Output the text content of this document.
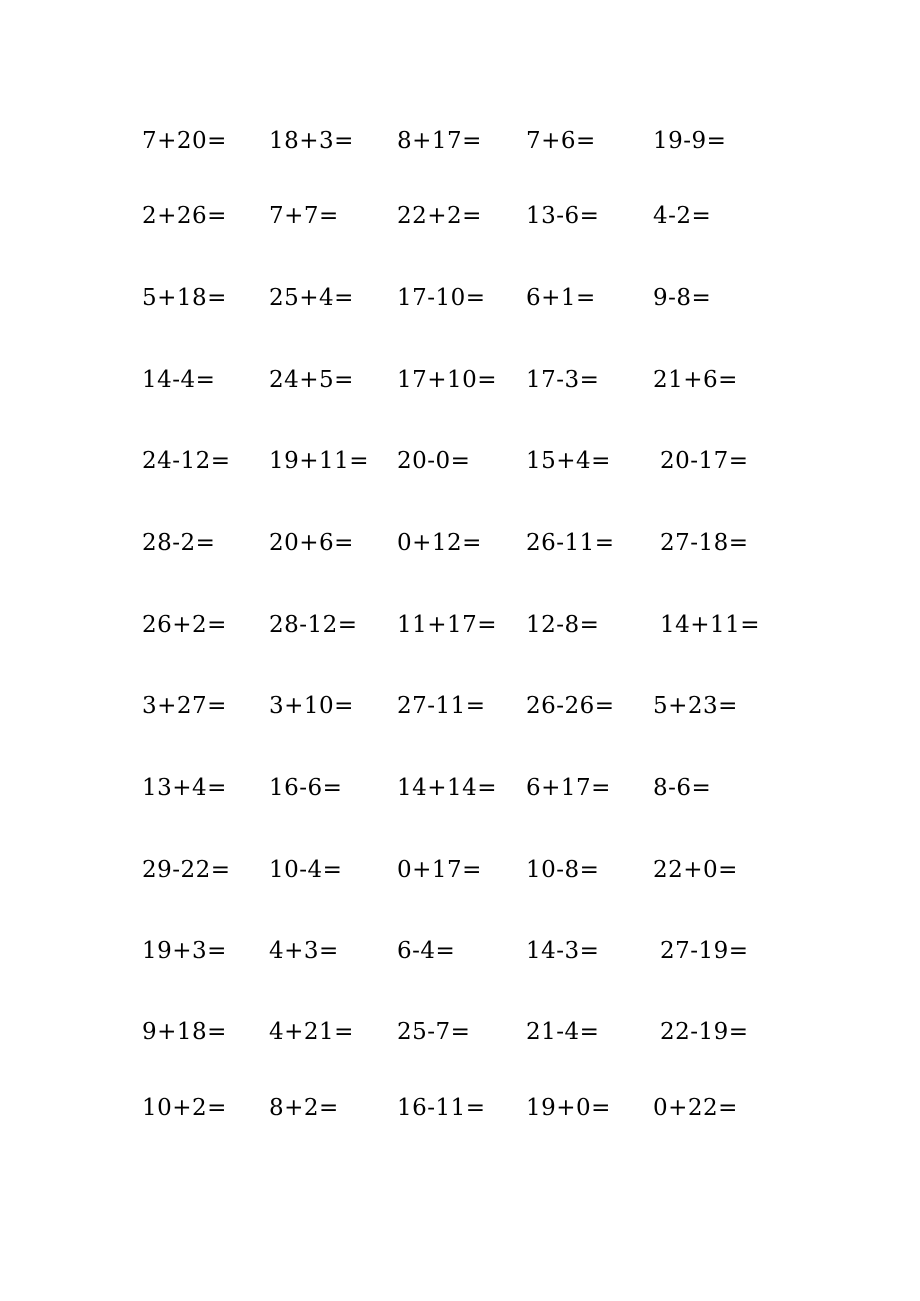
7+20= 18+3= 8+17= 7+6= 19-9=
2+26= 7+7=	22+2= 13-6= 4-2=
5+18= 25+4= 17-10= 6+1= 9-8=
14-4= 24+5= 17+10= 17-3= 21+6=
24-12= 19+11= 20-0= 15+4= 20-17=
28-2= 20+6= 0+12= 26-11= 27-18=
26+2= 28-12= 11+17= 12-8=	14+11=
3+27= 3+10= 27-11= 26-26= 5+23=
13+4= 16-6= 14+14= 6+17= 8-6=
29-22= 10-4= 0+17= 10-8= 22+0=
19+3= 4+3=	6-4=	14-3=	27-19=
9+18= 4+21= 25-7= 21-4=	22-19=
10+2= 8+2=	16-11= 19+0= 0+22=
